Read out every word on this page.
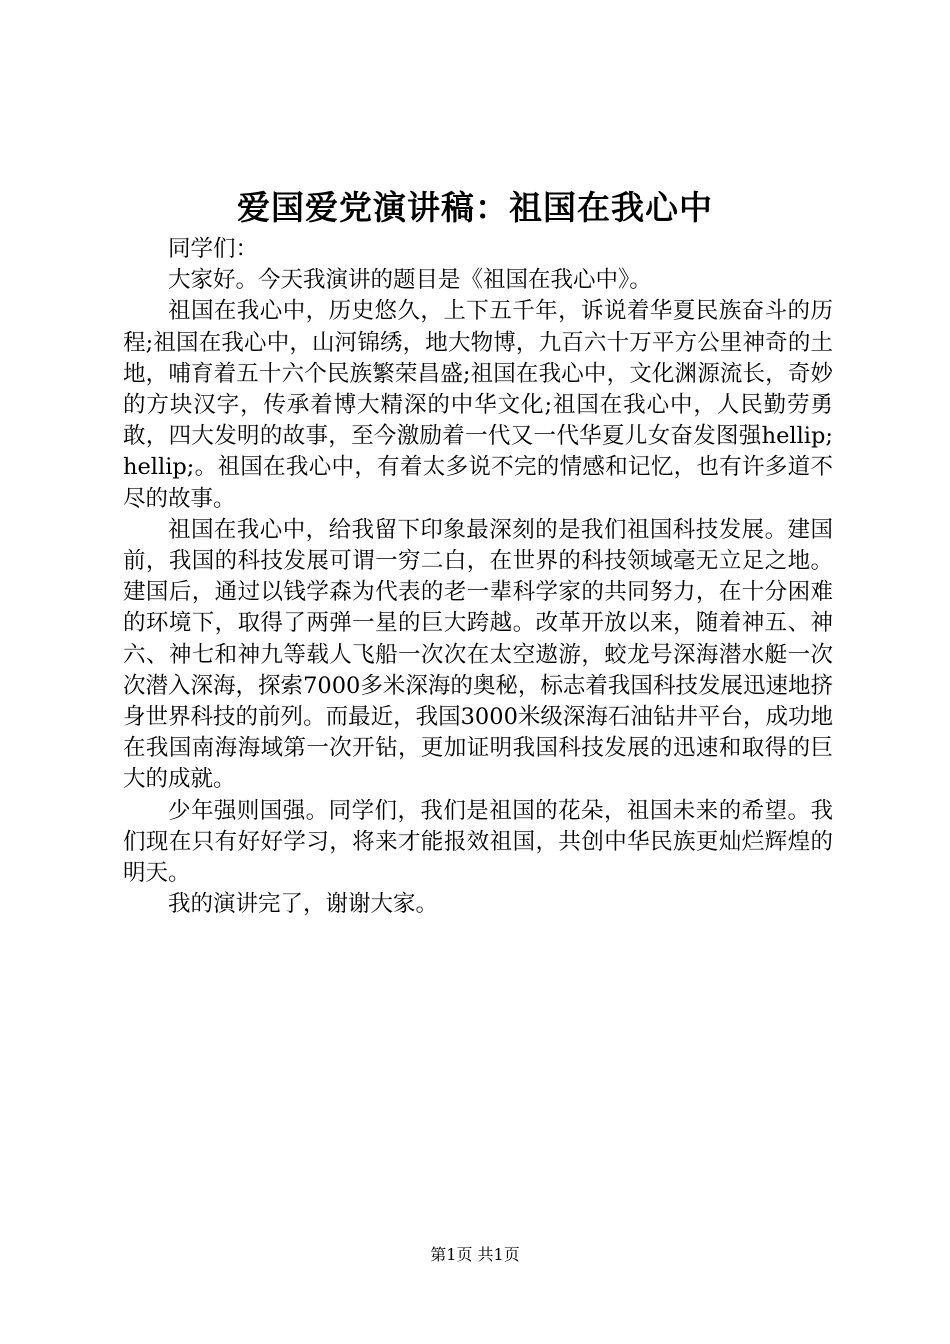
爱国爱党演讲稿：祖国在我心中

同学们：

大家好。今天我演讲的题目是《祖国在我心中》。

祖国在我心中，历史悠久，上下五千年，诉说着华夏民族奋斗的历程;祖国在我心中，山河锦绣，地大物博，九百六十万平方公里神奇的土地，哺育着五十六个民族繁荣昌盛;祖国在我心中，文化渊源流长，奇妙的方块汉字，传承着博大精深的中华文化;祖国在我心中，人民勤劳勇敢，四大发明的故事，至今激励着一代又一代华夏儿女奋发图强hellip;hellip;。祖国在我心中，有着太多说不完的情感和记忆，也有许多道不尽的故事。

祖国在我心中，给我留下印象最深刻的是我们祖国科技发展。建国前，我国的科技发展可谓一穷二白，在世界的科技领域毫无立足之地。建国后，通过以钱学森为代表的老一辈科学家的共同努力，在十分困难的环境下，取得了两弹一星的巨大跨越。改革开放以来，随着神五、神六、神七和神九等载人飞船一次次在太空遨游，蛟龙号深海潜水艇一次次潜入深海，探索7000多米深海的奥秘，标志着我国科技发展迅速地挤身世界科技的前列。而最近，我国3000米级深海石油钻井平台，成功地在我国南海海域第一次开钻，更加证明我国科技发展的迅速和取得的巨大的成就。

少年强则国强。同学们，我们是祖国的花朵，祖国未来的希望。我们现在只有好好学习，将来才能报效祖国，共创中华民族更灿烂辉煌的明天。

我的演讲完了，谢谢大家。

第1页 共1页
